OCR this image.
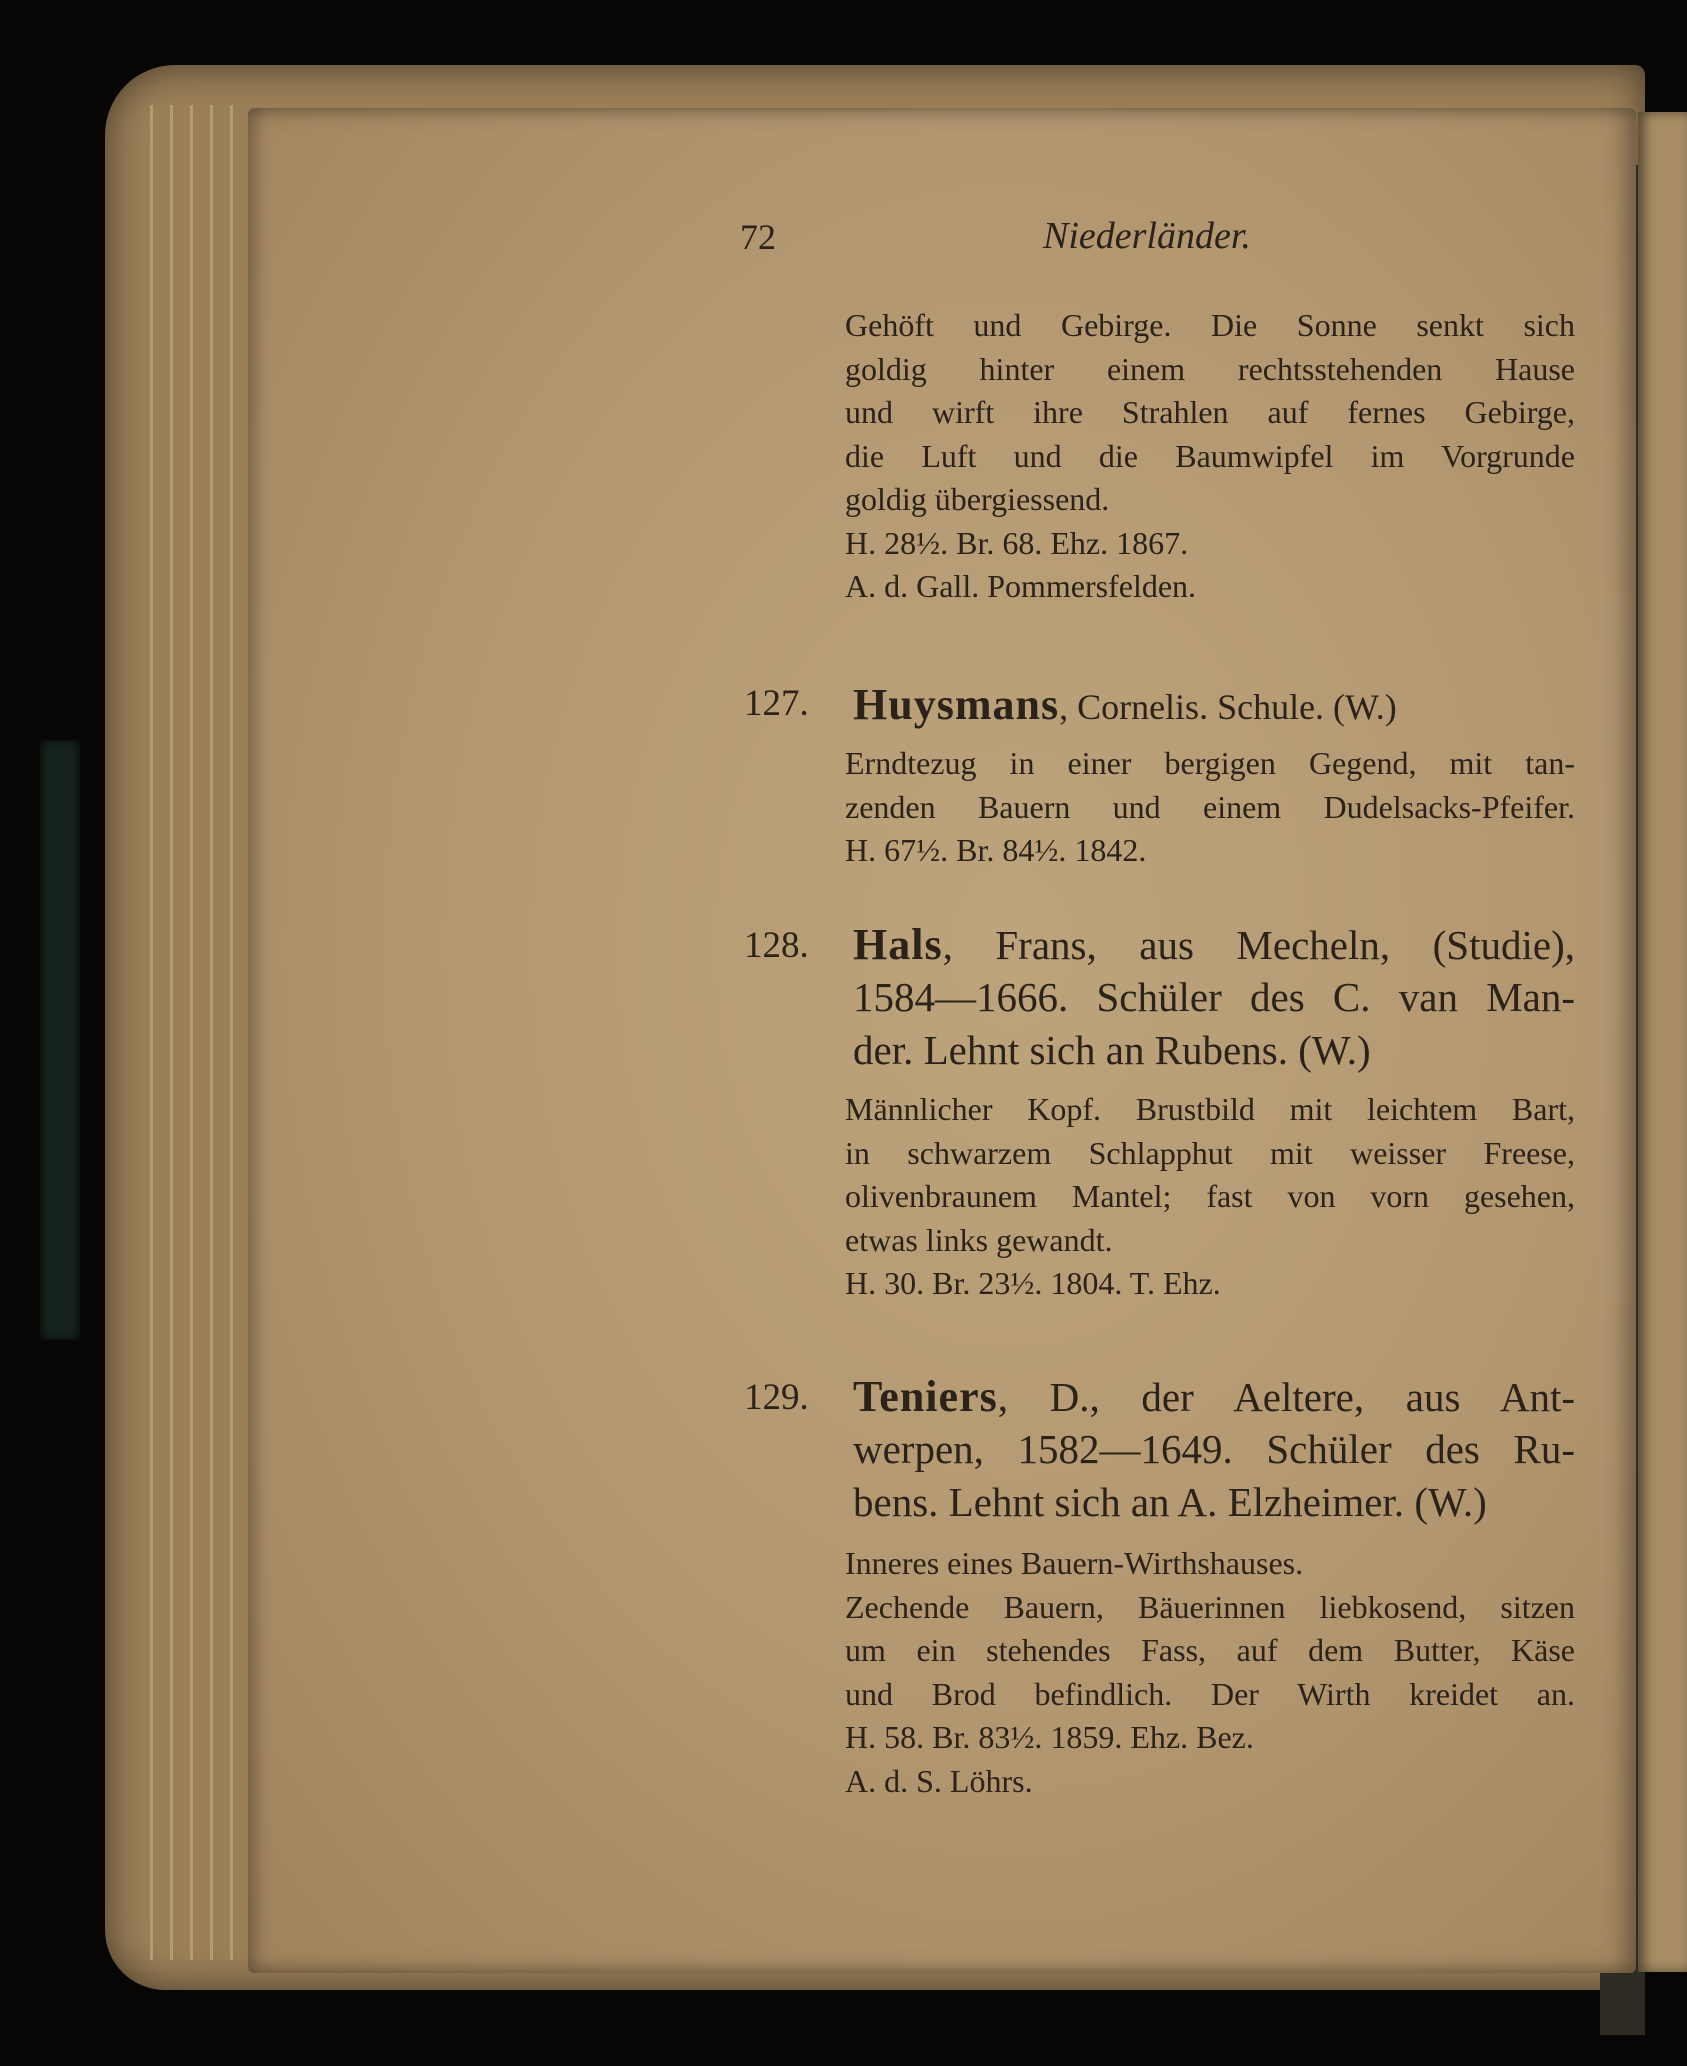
72	Niederländer.
Gehöft und Gebirge. Die Sonne senkt sich
goldig hinter einem rechtsstehenden Hause
und wirft ihre Strahlen auf fernes Gebirge,
die Luft und die Baumwipfel im Vorgrunde
goldig übergiessend.
H. 28½. Br. 68. Ehz. 1867.
A. d. Gall. Pommersfelden.
127. Huysmans, Cornelis. Schule. (W.)
Erndtezug in einer bergigen Gegend, mit tan-
zenden Bauern und einem Dudelsacks-Pfeifer.
H. 67½. Br. 84½. 1842.
128. Hals, Frans, aus Mecheln, (Studie),
1584—1666. Schüler des C. van Man-
der. Lehnt sich an Rubens. (W.)
Männlicher Kopf. Brustbild mit leichtem Bart,
in schwarzem Schlapphut mit weisser Freese,
olivenbraunem Mantel; fast von vorn gesehen,
etwas links gewandt.
H. 30. Br. 23½. 1804. T. Ehz.
129. Teniers, D., der Aeltere, aus Ant-
werpen, 1582—1649. Schüler des Ru-
bens. Lehnt sich an A. Elzheimer. (W.)
Inneres eines Bauern-Wirthshauses.
Zechende Bauern, Bäuerinnen liebkosend, sitzen
um ein stehendes Fass, auf dem Butter, Käse
und Brod befindlich. Der Wirth kreidet an.
H. 58. Br. 83½. 1859. Ehz. Bez.
A. d. S. Löhrs.
